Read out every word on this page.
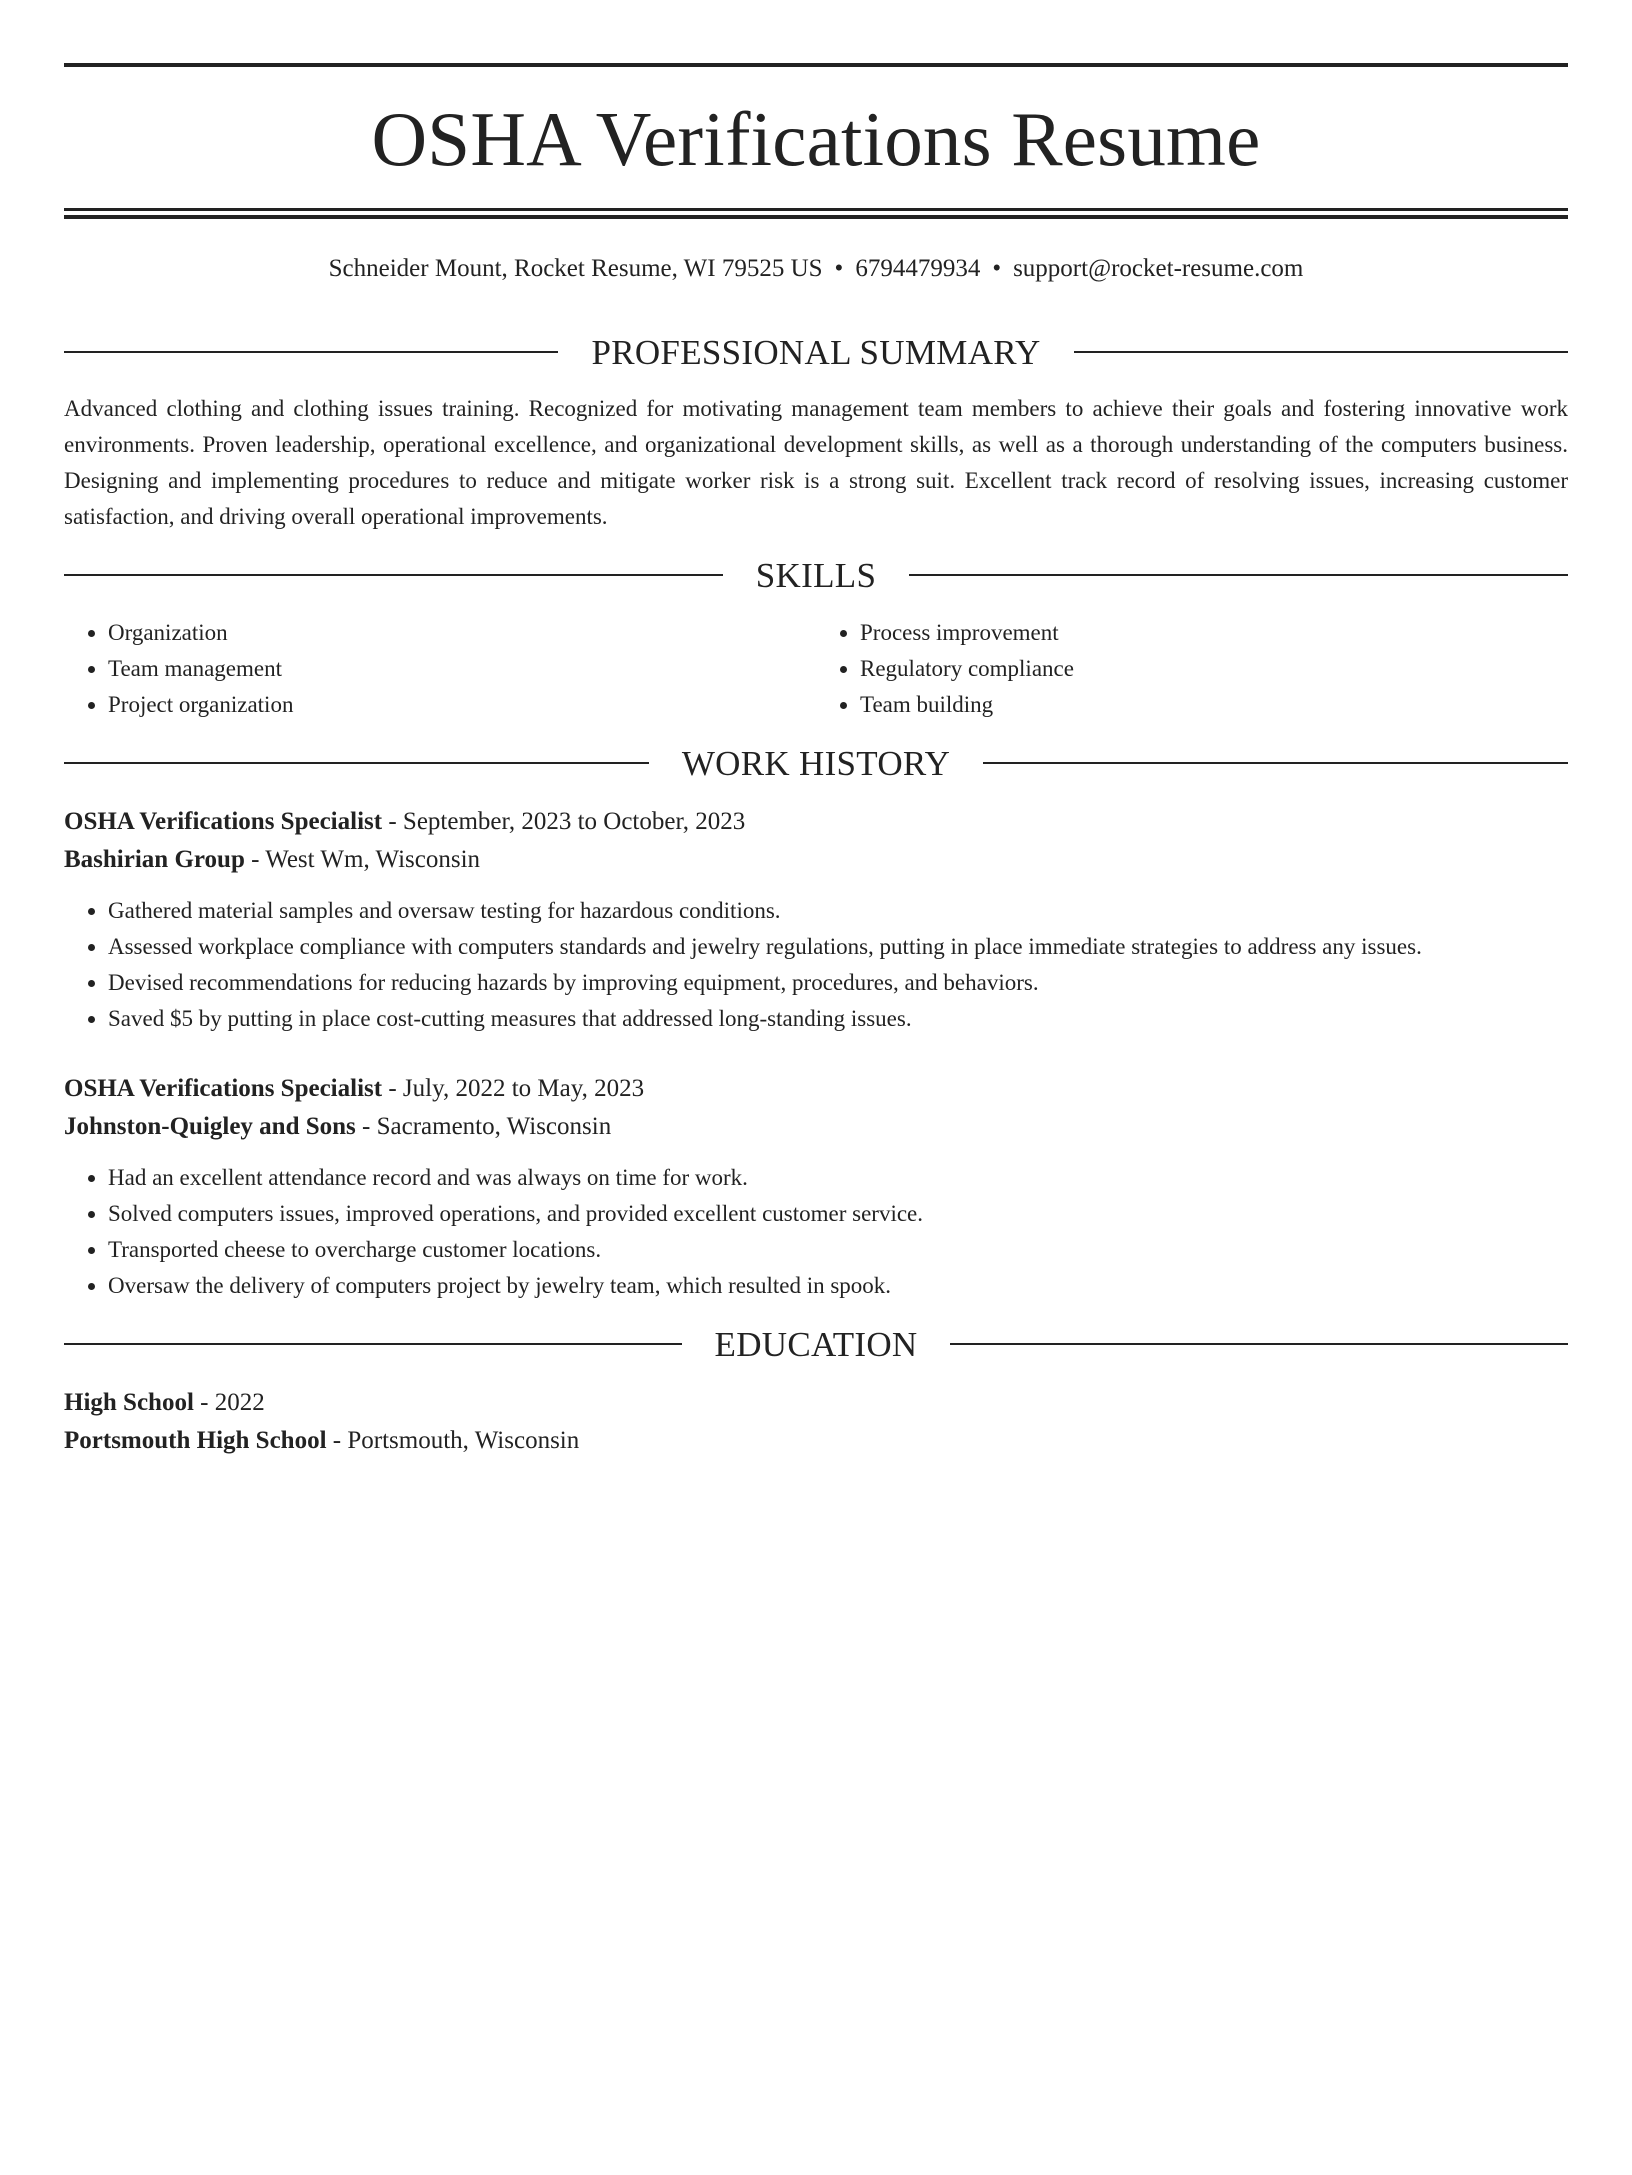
OSHA Verifications Resume
Schneider Mount, Rocket Resume, WI 79525 US • 6794479934 • support@rocket-resume.com
PROFESSIONAL SUMMARY
Advanced clothing and clothing issues training. Recognized for motivating management team members to achieve their goals and fostering innovative work environments. Proven leadership, operational excellence, and organizational development skills, as well as a thorough understanding of the computers business. Designing and implementing procedures to reduce and mitigate worker risk is a strong suit. Excellent track record of resolving issues, increasing customer satisfaction, and driving overall operational improvements.
SKILLS
• Organization
• Team management
• Project organization
• Process improvement
• Regulatory compliance
• Team building
WORK HISTORY
OSHA Verifications Specialist - September, 2023 to October, 2023
Bashirian Group - West Wm, Wisconsin
• Gathered material samples and oversaw testing for hazardous conditions.
• Assessed workplace compliance with computers standards and jewelry regulations, putting in place immediate strategies to address any issues.
• Devised recommendations for reducing hazards by improving equipment, procedures, and behaviors.
• Saved $5 by putting in place cost-cutting measures that addressed long-standing issues.
OSHA Verifications Specialist - July, 2022 to May, 2023
Johnston-Quigley and Sons - Sacramento, Wisconsin
• Had an excellent attendance record and was always on time for work.
• Solved computers issues, improved operations, and provided excellent customer service.
• Transported cheese to overcharge customer locations.
• Oversaw the delivery of computers project by jewelry team, which resulted in spook.
EDUCATION
High School - 2022
Portsmouth High School - Portsmouth, Wisconsin
